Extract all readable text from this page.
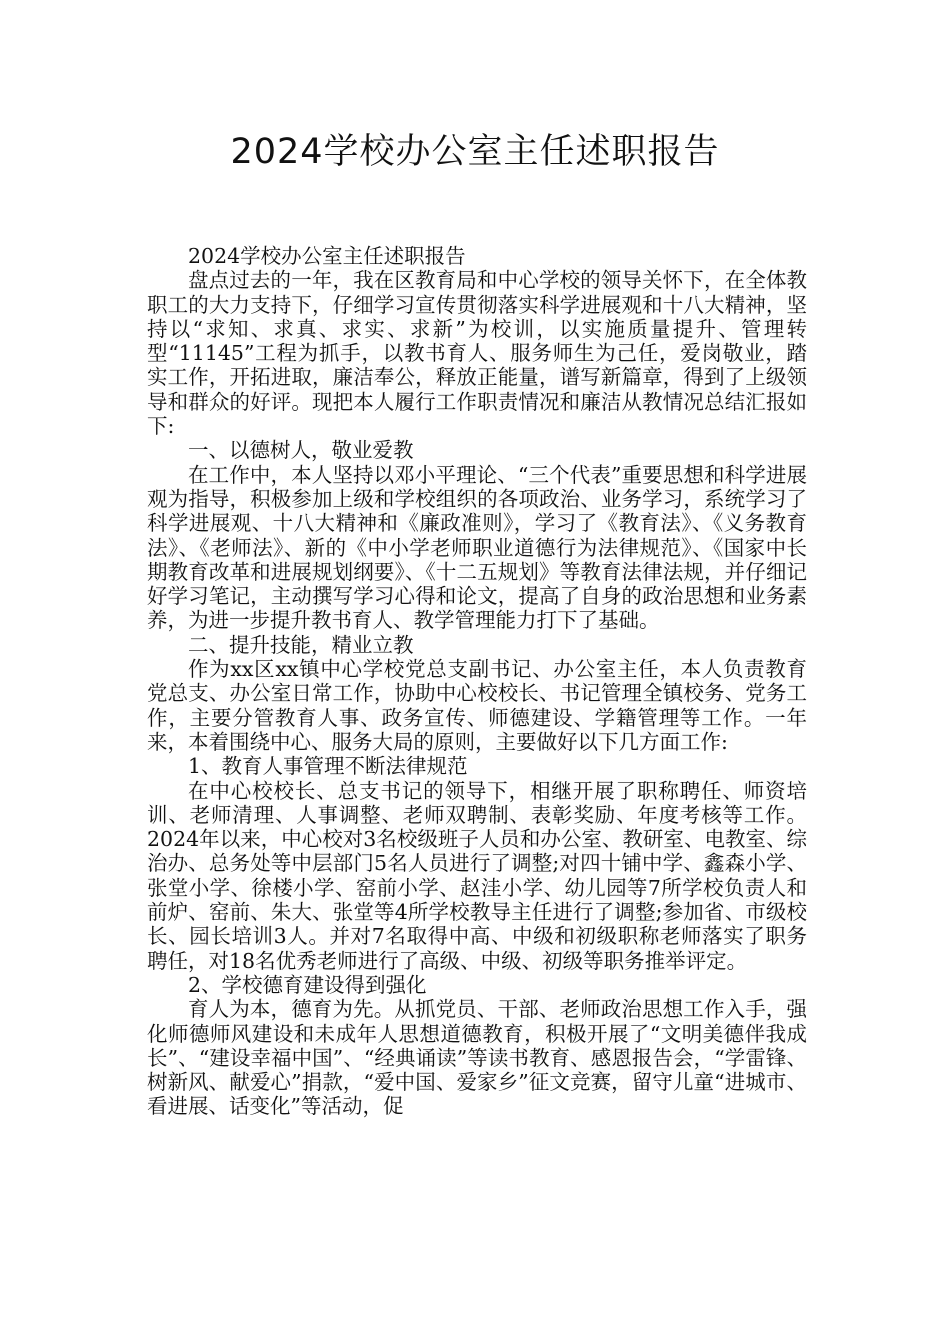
2024学校办公室主任述职报告

2024学校办公室主任述职报告

盘点过去的一年，我在区教育局和中心学校的领导关怀下，在全体教职工的大力支持下，仔细学习宣传贯彻落实科学进展观和十八大精神，坚持以“求知、求真、求实、求新”为校训，以实施质量提升、管理转型“11145”工程为抓手，以教书育人、服务师生为己任，爱岗敬业，踏实工作，开拓进取，廉洁奉公，释放正能量，谱写新篇章，得到了上级领导和群众的好评。现把本人履行工作职责情况和廉洁从教情况总结汇报如下:

一、以德树人，敬业爱教

在工作中，本人坚持以邓小平理论、“三个代表”重要思想和科学进展观为指导，积极参加上级和学校组织的各项政治、业务学习，系统学习了科学进展观、十八大精神和《廉政准则》，学习了《教育法》、《义务教育法》、《老师法》、新的《中小学老师职业道德行为法律规范》、《国家中长期教育改革和进展规划纲要》、《十二五规划》等教育法律法规，并仔细记好学习笔记，主动撰写学习心得和论文，提高了自身的政治思想和业务素养，为进一步提升教书育人、教学管理能力打下了基础。

二、提升技能，精业立教

作为xx区xx镇中心学校党总支副书记、办公室主任，本人负责教育党总支、办公室日常工作，协助中心校校长、书记管理全镇校务、党务工作，主要分管教育人事、政务宣传、师德建设、学籍管理等工作。一年来，本着围绕中心、服务大局的原则，主要做好以下几方面工作:

1、教育人事管理不断法律规范

在中心校校长、总支书记的领导下，相继开展了职称聘任、师资培训、老师清理、人事调整、老师双聘制、表彰奖励、年度考核等工作。2024年以来，中心校对3名校级班子人员和办公室、教研室、电教室、综治办、总务处等中层部门5名人员进行了调整;对四十铺中学、鑫森小学、张堂小学、徐楼小学、窑前小学、赵洼小学、幼儿园等7所学校负责人和前炉、窑前、朱大、张堂等4所学校教导主任进行了调整;参加省、市级校长、园长培训3人。并对7名取得中高、中级和初级职称老师落实了职务聘任，对18名优秀老师进行了高级、中级、初级等职务推举评定。

2、学校德育建设得到强化

育人为本，德育为先。从抓党员、干部、老师政治思想工作入手，强化师德师风建设和未成年人思想道德教育，积极开展了“文明美德伴我成长”、“建设幸福中国”、“经典诵读”等读书教育、感恩报告会，“学雷锋、树新风、献爱心”捐款，“爱中国、爱家乡”征文竞赛，留守儿童“进城市、看进展、话变化”等活动，促
